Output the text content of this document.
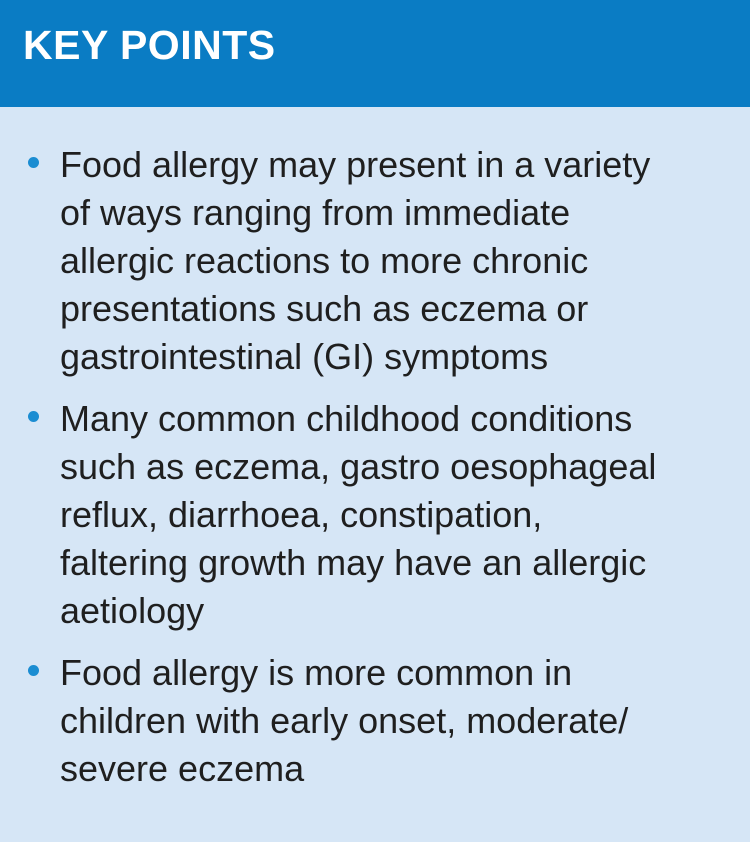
KEY POINTS
Food allergy may present in a variety
of ways ranging from immediate
allergic reactions to more chronic
presentations such as eczema or
gastrointestinal (GI) symptoms
Many common childhood conditions
such as eczema, gastro oesophageal
reflux, diarrhoea, constipation,
faltering growth may have an allergic
aetiology
Food allergy is more common in
children with early onset, moderate/
severe eczema
